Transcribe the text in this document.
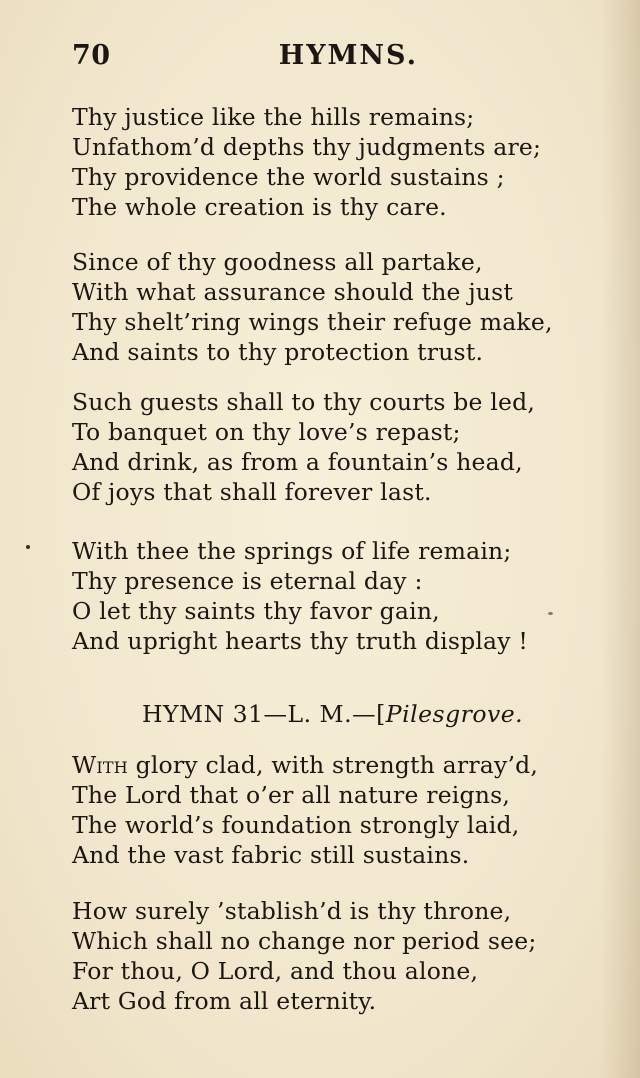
70	HYMNS.
Thy justice like the hills remains;
Unfathom’d depths thy judgments are;
Thy providence the world sustains ;
The whole creation is thy care.
Since of thy goodness all partake,
With what assurance should the just
Thy shelt’ring wings their refuge make,
And saints to thy protection trust.
Such guests shall to thy courts be led,
To banquet on thy love’s repast;
And drink, as from a fountain’s head,
Of joys that shall forever last.
With thee the springs of life remain;
Thy presence is eternal day :
O let thy saints thy favor gain,
And upright hearts thy truth display !
HYMN 31—L. M.—[Pilesgrove.
With glory clad, with strength array’d,
The Lord that o’er all nature reigns,
The world’s foundation strongly laid,
And the vast fabric still sustains.
How surely ’stablish’d is thy throne,
Which shall no change nor period see;
For thou, O Lord, and thou alone,
Art God from all eternity.
